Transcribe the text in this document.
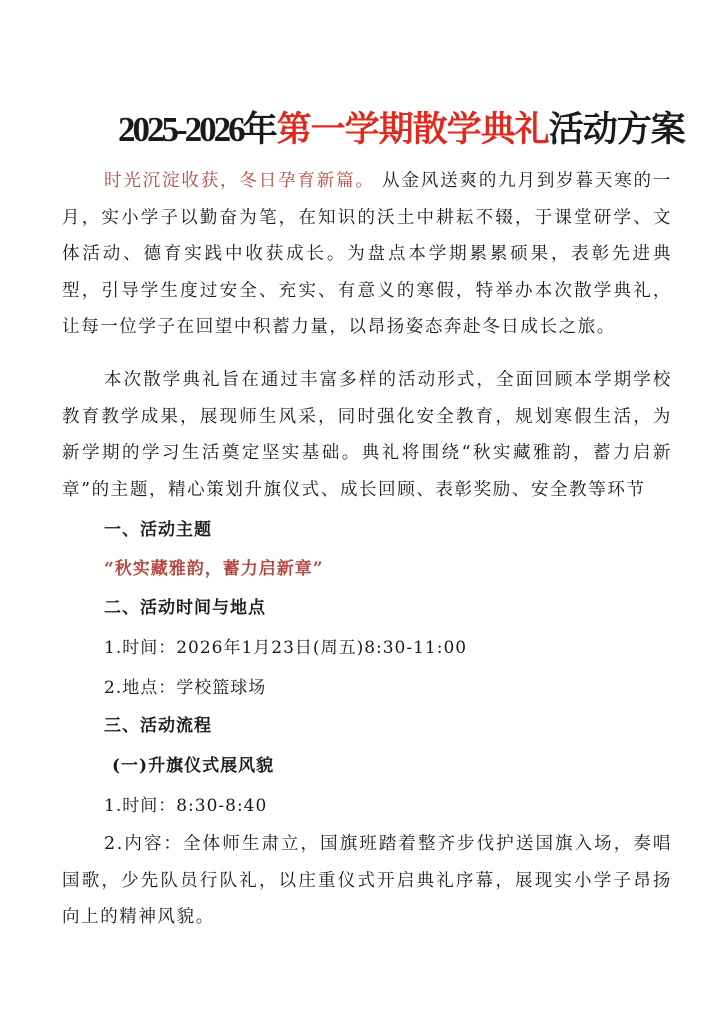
2025-2026年第一学期散学典礼活动方案
时光沉淀收获，冬日孕育新篇。 从金风送爽的九月到岁暮天寒的一月，实小学子以勤奋为笔，在知识的沃土中耕耘不辍，于课堂研学、文体活动、德育实践中收获成长。为盘点本学期累累硕果，表彰先进典型，引导学生度过安全、充实、有意义的寒假，特举办本次散学典礼，让每一位学子在回望中积蓄力量，以昂扬姿态奔赴冬日成长之旅。
本次散学典礼旨在通过丰富多样的活动形式，全面回顾本学期学校教育教学成果，展现师生风采，同时强化安全教育，规划寒假生活，为新学期的学习生活奠定坚实基础。典礼将围绕“秋实藏雅韵，蓄力启新章”的主题，精心策划升旗仪式、成长回顾、表彰奖励、安全教等环节
一、活动主题
“秋实藏雅韵，蓄力启新章”
二、活动时间与地点
1.时间：2026年1月23日(周五)8:30-11:00
2.地点：学校篮球场
三、活动流程
(一)升旗仪式展风貌
1.时间：8:30-8:40
2.内容：全体师生肃立，国旗班踏着整齐步伐护送国旗入场，奏唱国歌，少先队员行队礼，以庄重仪式开启典礼序幕，展现实小学子昂扬向上的精神风貌。
